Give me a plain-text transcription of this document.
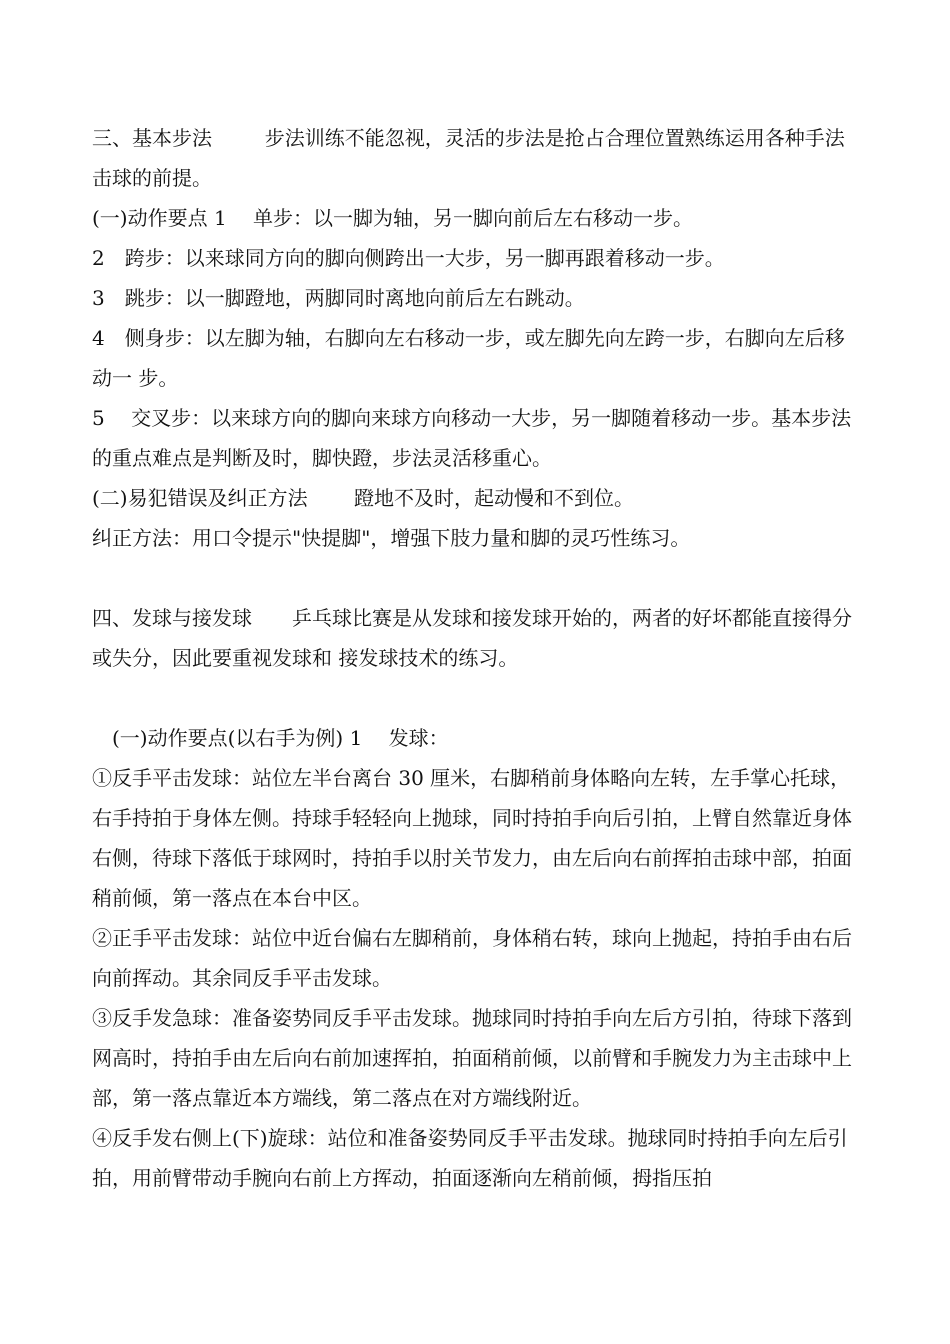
三、基本步法　　  步法训练不能忽视，灵活的步法是抢占合理位置熟练运用各种手法击球的前提。

(一)动作要点 1　 单步：以一脚为轴，另一脚向前后左右移动一步。

2　跨步：以来球同方向的脚向侧跨出一大步，另一脚再跟着移动一步。

3　跳步：以一脚蹬地，两脚同时离地向前后左右跳动。

4　侧身步：以左脚为轴，右脚向左右移动一步，或左脚先向左跨一步，右脚向左后移动一 步。

5　 交叉步：以来球方向的脚向来球方向移动一大步，另一脚随着移动一步。基本步法的重点难点是判断及时，脚快蹬，步法灵活移重心。

(二)易犯错误及纠正方法　　 蹬地不及时，起动慢和不到位。

纠正方法：用口令提示"快提脚"，增强下肢力量和脚的灵巧性练习。

四、发球与接发球　　乒乓球比赛是从发球和接发球开始的，两者的好坏都能直接得分或失分，因此要重视发球和 接发球技术的练习。

(一)动作要点(以右手为例) 1　 发球：

①反手平击发球：站位左半台离台 30 厘米，右脚稍前身体略向左转，左手掌心托球，右手持拍于身体左侧。持球手轻轻向上抛球，同时持拍手向后引拍，上臂自然靠近身体右侧，待球下落低于球网时，持拍手以肘关节发力，由左后向右前挥拍击球中部，拍面稍前倾，第一落点在本台中区。

②正手平击发球：站位中近台偏右左脚稍前，身体稍右转，球向上抛起，持拍手由右后向前挥动。其余同反手平击发球。

③反手发急球：准备姿势同反手平击发球。抛球同时持拍手向左后方引拍，待球下落到网高时，持拍手由左后向右前加速挥拍，拍面稍前倾，以前臂和手腕发力为主击球中上部，第一落点靠近本方端线，第二落点在对方端线附近。

④反手发右侧上(下)旋球：站位和准备姿势同反手平击发球。抛球同时持拍手向左后引拍，用前臂带动手腕向右前上方挥动，拍面逐渐向左稍前倾，拇指压拍
